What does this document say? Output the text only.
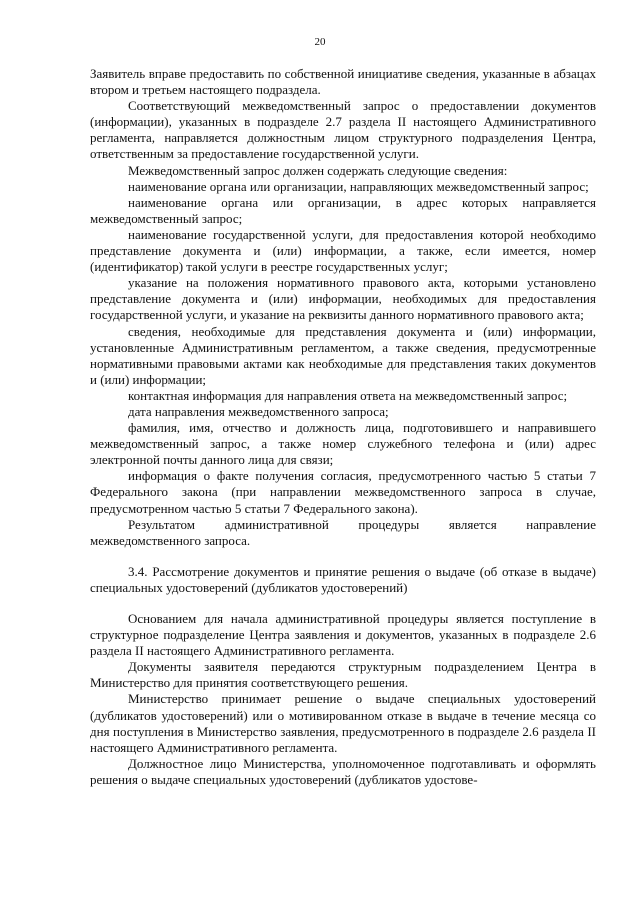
20

Заявитель вправе предоставить по собственной инициативе сведения, указанные в абзацах втором и третьем настоящего подраздела.

Соответствующий межведомственный запрос о предоставлении документов (информации), указанных в подразделе 2.7 раздела II настоящего Административного регламента, направляется должностным лицом структурного подразделения Центра, ответственным за предоставление государственной услуги.

Межведомственный запрос должен содержать следующие сведения:

наименование органа или организации, направляющих межведомственный запрос;

наименование органа или организации, в адрес которых направляется межведомственный запрос;

наименование государственной услуги, для предоставления которой необходимо представление документа и (или) информации, а также, если имеется, номер (идентификатор) такой услуги в реестре государственных услуг;

указание на положения нормативного правового акта, которыми установлено представление документа и (или) информации, необходимых для предоставления государственной услуги, и указание на реквизиты данного нормативного правового акта;

сведения, необходимые для представления документа и (или) информации, установленные Административным регламентом, а также сведения, предусмотренные нормативными правовыми актами как необходимые для представления таких документов и (или) информации;

контактная информация для направления ответа на межведомственный запрос;

дата направления межведомственного запроса;

фамилия, имя, отчество и должность лица, подготовившего и направившего межведомственный запрос, а также номер служебного телефона и (или) адрес электронной почты данного лица для связи;

информация о факте получения согласия, предусмотренного частью 5 статьи 7 Федерального закона (при направлении межведомственного запроса в случае, предусмотренном частью 5 статьи 7 Федерального закона).

Результатом административной процедуры является направление межведомственного запроса.

3.4. Рассмотрение документов и принятие решения о выдаче (об отказе в выдаче) специальных удостоверений (дубликатов удостоверений)

Основанием для начала административной процедуры является поступление в структурное подразделение Центра заявления и документов, указанных в подразделе 2.6 раздела II настоящего Административного регламента.

Документы заявителя передаются структурным подразделением Центра в Министерство для принятия соответствующего решения.

Министерство принимает решение о выдаче специальных удостоверений (дубликатов удостоверений) или о мотивированном отказе в выдаче в течение месяца со дня поступления в Министерство заявления, предусмотренного в подразделе 2.6 раздела II настоящего Административного регламента.

Должностное лицо Министерства, уполномоченное подготавливать и оформлять решения о выдаче специальных удостоверений (дубликатов удостове-
